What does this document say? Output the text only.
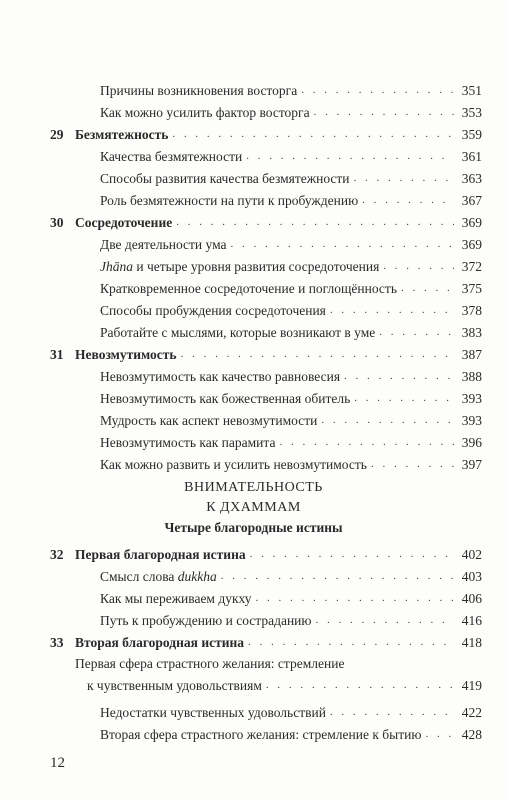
Причины возникновения восторга . . .	351
Как можно усилить фактор восторга . . .	353
29 Безмятежность . . .	359
Качества безмятежности . . .	361
Способы развития качества безмятежности . . .	363
Роль безмятежности на пути к пробуждению . . .	367
30 Сосредоточение . . .	369
Две деятельности ума . . .	369
Jhāna и четыре уровня развития сосредоточения . . .	372
Кратковременное сосредоточение и поглощённость . . .	375
Способы пробуждения сосредоточения . . .	378
Работайте с мыслями, которые возникают в уме . . .	383
31 Невозмутимость . . .	387
Невозмутимость как качество равновесия . . .	388
Невозмутимость как божественная обитель . . .	393
Мудрость как аспект невозмутимости . . .	393
Невозмутимость как парамита . . .	396
Как можно развить и усилить невозмутимость . . .	397
ВНИМАТЕЛЬНОСТЬ
К ДХАММАМ
Четыре благородные истины
32 Первая благородная истина . . .	402
Смысл слова dukkha . . .	403
Как мы переживаем дукху . . .	406
Путь к пробуждению и состраданию . . .	416
33 Вторая благородная истина . . .	418
Первая сфера страстного желания: стремление
к чувственным удовольствиям . . .	419
Недостатки чувственных удовольствий . . .	422
Вторая сфера страстного желания: стремление к бытию . . .	428
12
